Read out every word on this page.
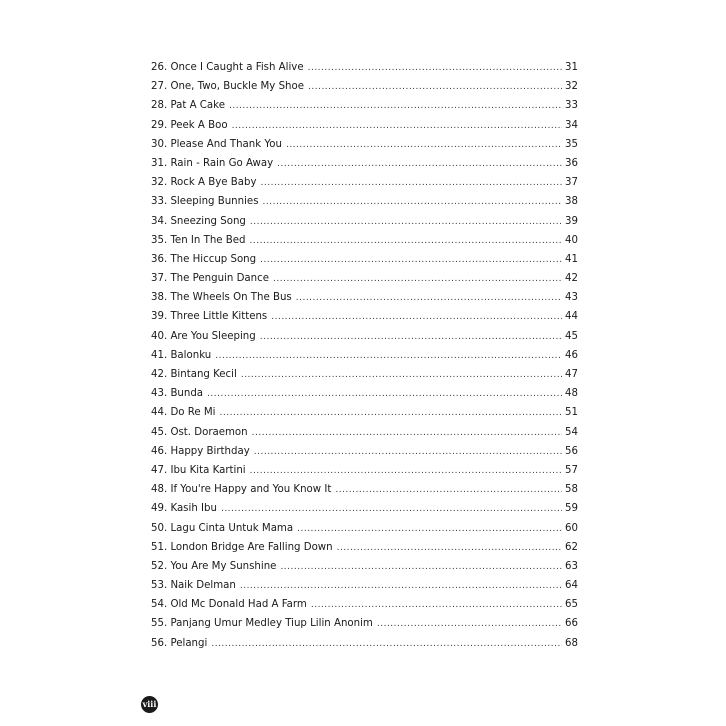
26. Once I Caught a Fish Alive .....	31
27. One, Two, Buckle My Shoe .....	32
28. Pat A Cake .....	33
29. Peek A Boo .....	34
30. Please And Thank You .....	35
31. Rain - Rain Go Away .....	36
32. Rock A Bye Baby .....	37
33. Sleeping Bunnies .....	38
34. Sneezing Song .....	39
35. Ten In The Bed .....	40
36. The Hiccup Song .....	41
37. The Penguin Dance .....	42
38. The Wheels On The Bus .....	43
39. Three Little Kittens .....	44
40. Are You Sleeping .....	45
41. Balonku .....	46
42. Bintang Kecil .....	47
43. Bunda .....	48
44. Do Re Mi .....	51
45. Ost. Doraemon .....	54
46. Happy Birthday .....	56
47. Ibu Kita Kartini .....	57
48. If You're Happy and You Know It .....	58
49. Kasih Ibu .....	59
50. Lagu Cinta Untuk Mama .....	60
51. London Bridge Are Falling Down .....	62
52. You Are My Sunshine .....	63
53. Naik Delman .....	64
54. Old Mc Donald Had A Farm .....	65
55. Panjang Umur Medley Tiup Lilin Anonim .....	66
56. Pelangi .....	68
viii
